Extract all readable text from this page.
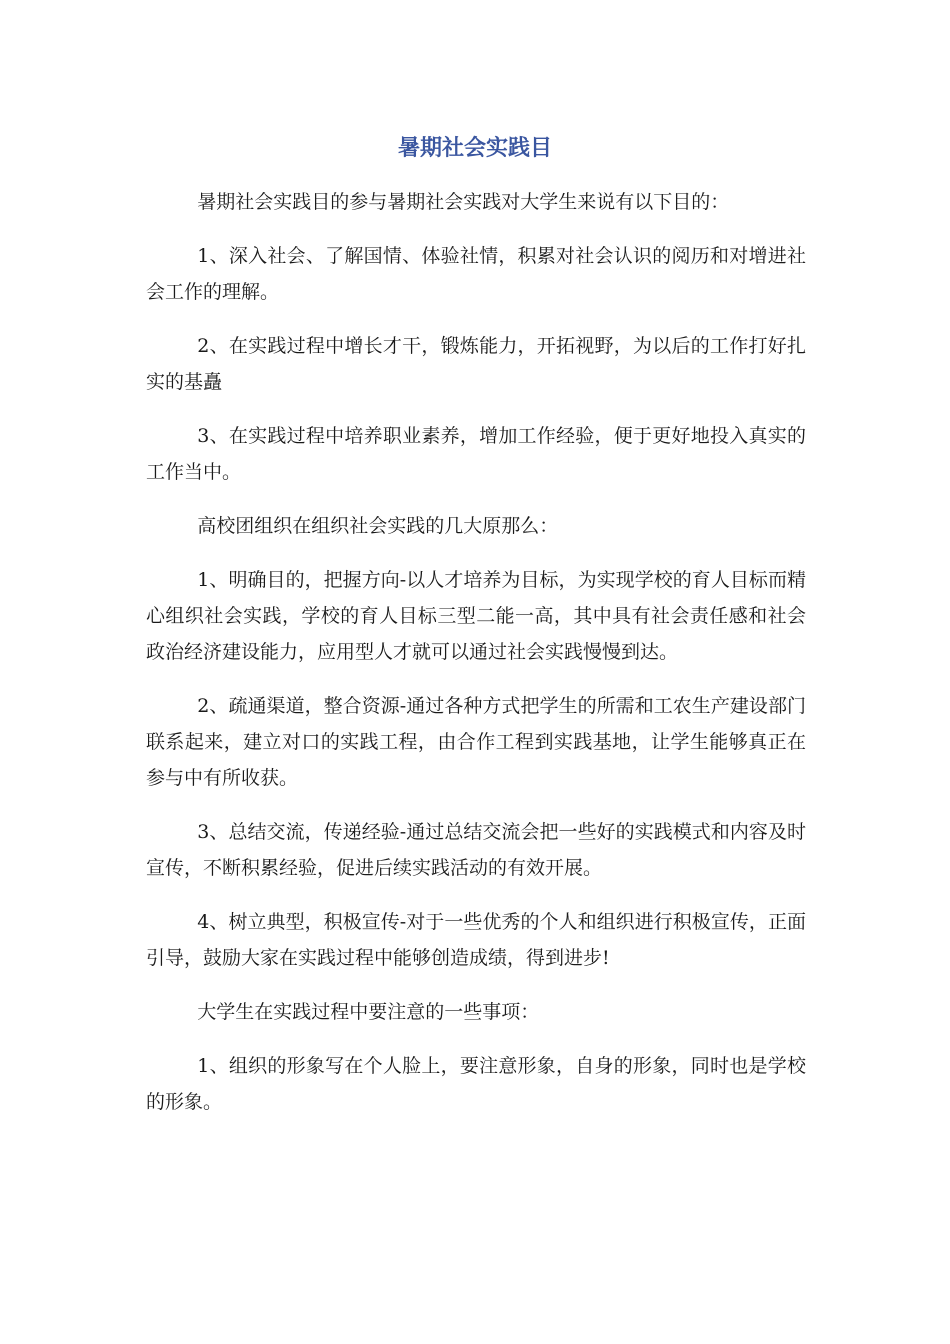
暑期社会实践目

暑期社会实践目的参与暑期社会实践对大学生来说有以下目的：

1、深入社会、了解国情、体验社情，积累对社会认识的阅历和对增进社会工作的理解。

2、在实践过程中增长才干，锻炼能力，开拓视野，为以后的工作打好扎实的基矗

3、在实践过程中培养职业素养，增加工作经验，便于更好地投入真实的工作当中。

高校团组织在组织社会实践的几大原那么：

1、明确目的，把握方向-以人才培养为目标，为实现学校的育人目标而精心组织社会实践，学校的育人目标三型二能一高，其中具有社会责任感和社会政治经济建设能力，应用型人才就可以通过社会实践慢慢到达。

2、疏通渠道，整合资源-通过各种方式把学生的所需和工农生产建设部门联系起来，建立对口的实践工程，由合作工程到实践基地，让学生能够真正在参与中有所收获。

3、总结交流，传递经验-通过总结交流会把一些好的实践模式和内容及时宣传，不断积累经验，促进后续实践活动的有效开展。

4、树立典型，积极宣传-对于一些优秀的个人和组织进行积极宣传，正面引导，鼓励大家在实践过程中能够创造成绩，得到进步!

大学生在实践过程中要注意的一些事项：

1、组织的形象写在个人脸上，要注意形象，自身的形象，同时也是学校的形象。
